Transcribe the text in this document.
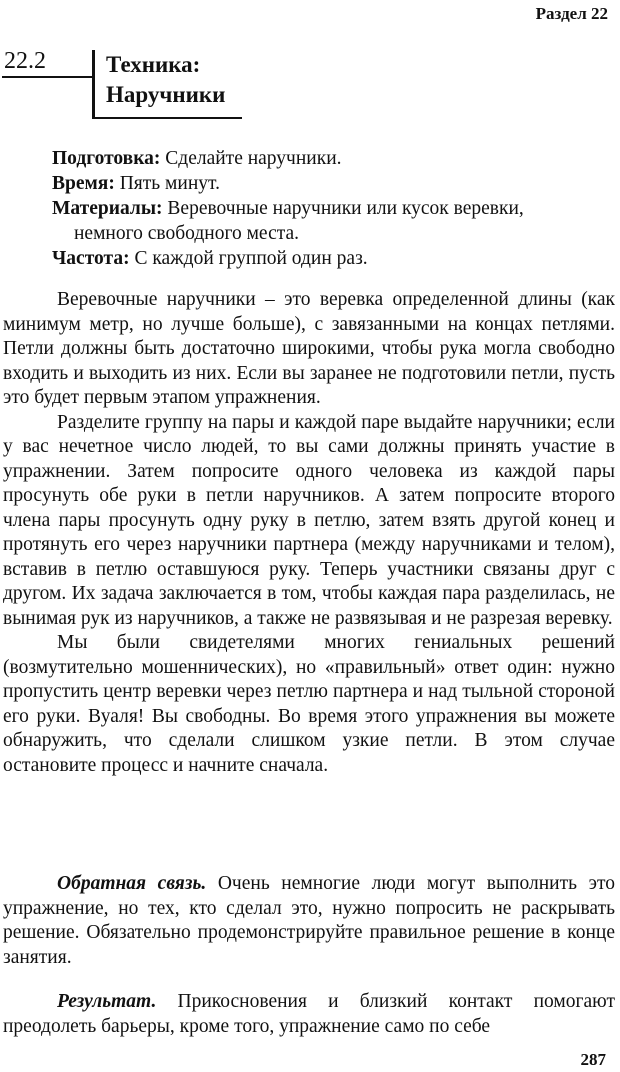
Раздел 22
22.2	Техника:
Наручники

Подготовка: Сделайте наручники.

Время: Пять минут.

Материалы: Веревочные наручники или кусок веревки,

немного свободного места.

Частота: С каждой группой один раз.

Веревочные наручники – это веревка определенной длины (как минимум метр, но лучше больше), с завязанными на концах петлями. Петли должны быть достаточно широкими, чтобы рука могла свободно входить и выходить из них. Если вы заранее не подготовили петли, пусть это будет первым этапом упражнения.

Разделите группу на пары и каждой паре выдайте наручники; если у вас нечетное число людей, то вы сами должны принять участие в упражнении. Затем попросите одного человека из каждой пары просунуть обе руки в петли наручников. А затем попросите второго члена пары просунуть одну руку в петлю, затем взять другой конец и протянуть его через наручники партнера (между наручниками и телом), вставив в петлю оставшуюся руку. Теперь участники связаны друг с другом. Их задача заключается в том, чтобы каждая пара разделилась, не вынимая рук из наручников, а также не развязывая и не разрезая веревку.

Мы были свидетелями многих гениальных решений (возмутительно мошеннических), но «правильный» ответ один: нужно пропустить центр веревки через петлю партнера и над тыльной стороной его руки. Вуаля! Вы свободны. Во время этого упражнения вы можете обнаружить, что сделали слишком узкие петли. В этом случае остановите процесс и начните сначала.

Обратная связь. Очень немногие люди могут выполнить это упражнение, но тех, кто сделал это, нужно попросить не раскрывать решение. Обязательно продемонстрируйте правильное решение в конце занятия.

Результат. Прикосновения и близкий контакт помогают преодолеть барьеры, кроме того, упражнение само по себе

287
